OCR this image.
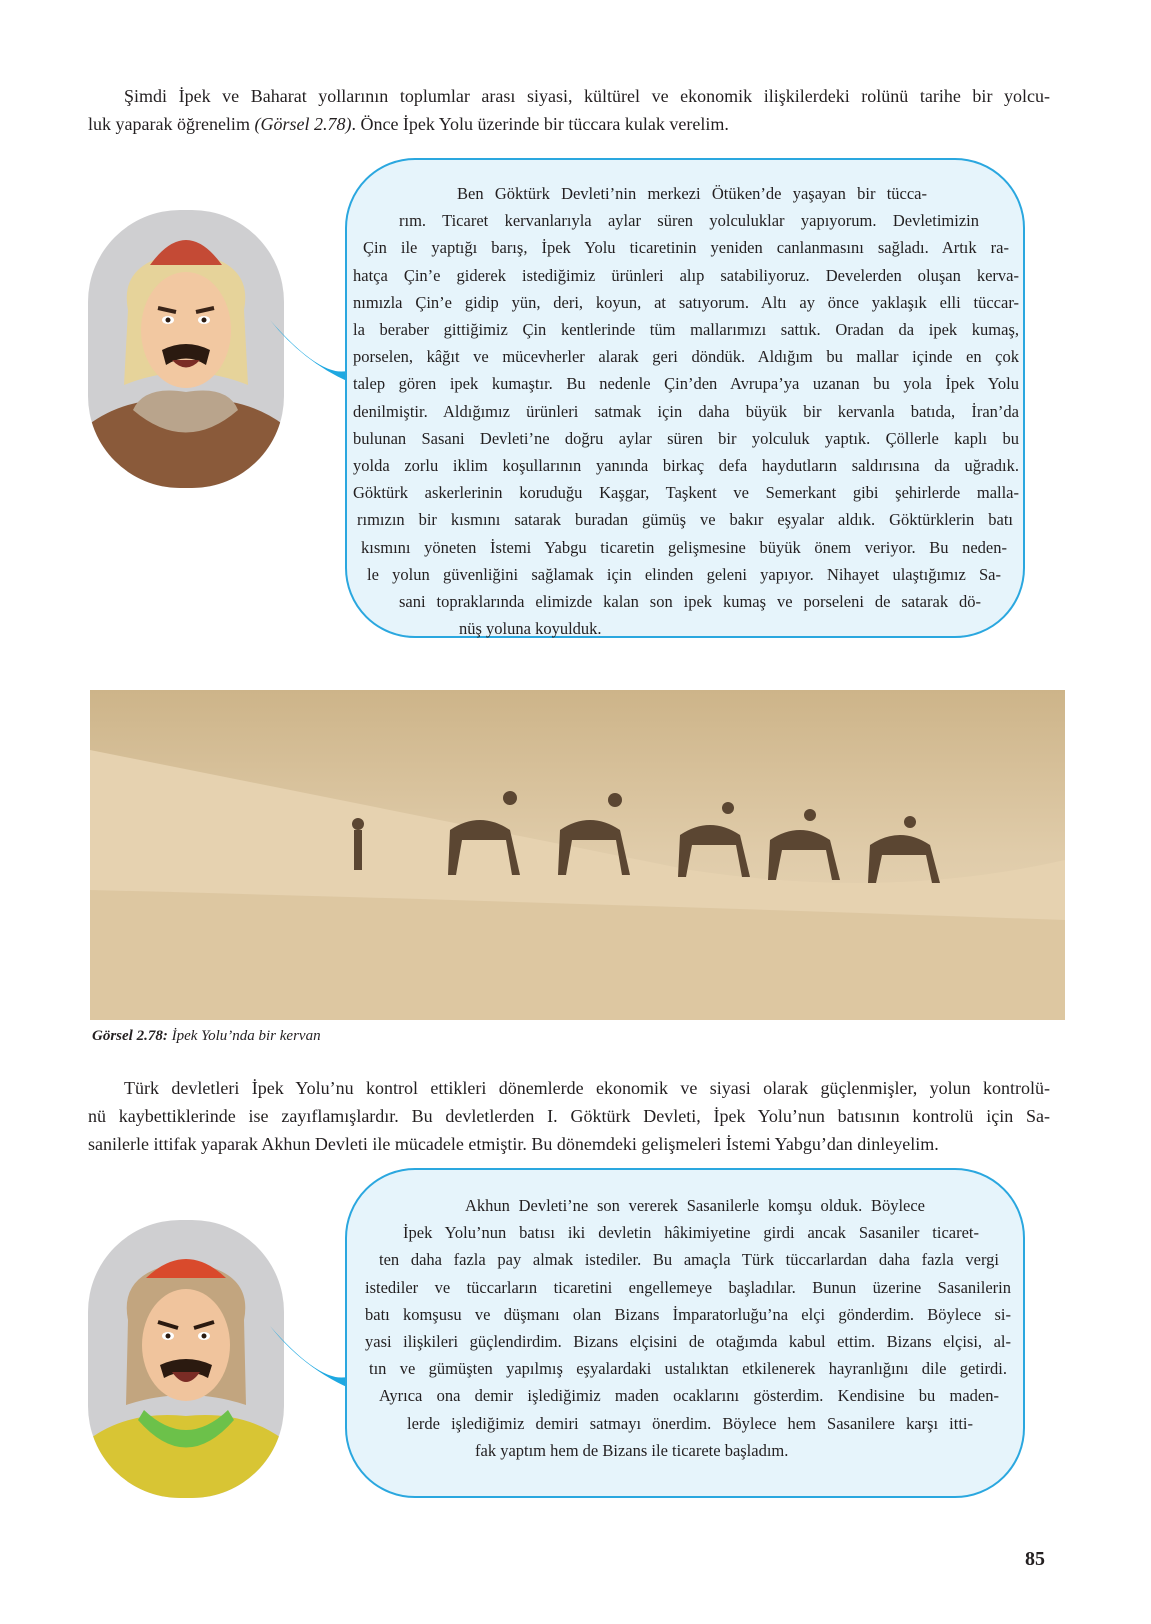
Şimdi İpek ve Baharat yollarının toplumlar arası siyasi, kültürel ve ekonomik ilişkilerdeki rolünü tarihe bir yolcu-
luk yaparak öğrenelim (Görsel 2.78). Önce İpek Yolu üzerinde bir tüccara kulak verelim.

Ben Göktürk Devleti’nin merkezi Ötüken’de yaşayan bir tücca-
rım. Ticaret kervanlarıyla aylar süren yolculuklar yapıyorum. Devletimizin
Çin ile yaptığı barış, İpek Yolu ticaretinin yeniden canlanmasını sağladı. Artık ra-
hatça Çin’e giderek istediğimiz ürünleri alıp satabiliyoruz. Develerden oluşan kerva-
nımızla Çin’e gidip yün, deri, koyun, at satıyorum. Altı ay önce yaklaşık elli tüccar-
la beraber gittiğimiz Çin kentlerinde tüm mallarımızı sattık. Oradan da ipek kumaş,
porselen, kâğıt ve mücevherler alarak geri döndük. Aldığım bu mallar içinde en çok
talep gören ipek kumaştır. Bu nedenle Çin’den Avrupa’ya uzanan bu yola İpek Yolu
denilmiştir. Aldığımız ürünleri satmak için daha büyük bir kervanla batıda, İran’da
bulunan Sasani Devleti’ne doğru aylar süren bir yolculuk yaptık. Çöllerle kaplı bu
yolda zorlu iklim koşullarının yanında birkaç defa haydutların saldırısına da uğradık.
Göktürk askerlerinin koruduğu Kaşgar, Taşkent ve Semerkant gibi şehirlerde malla-
rımızın bir kısmını satarak buradan gümüş ve bakır eşyalar aldık. Göktürklerin batı
kısmını yöneten İstemi Yabgu ticaretin gelişmesine büyük önem veriyor. Bu neden-
le yolun güvenliğini sağlamak için elinden geleni yapıyor. Nihayet ulaştığımız Sa-
sani topraklarında elimizde kalan son ipek kumaş ve porseleni de satarak dö-
nüş yoluna koyulduk.

Görsel 2.78: İpek Yolu’nda bir kervan

Türk devletleri İpek Yolu’nu kontrol ettikleri dönemlerde ekonomik ve siyasi olarak güçlenmişler, yolun kontrolü-
nü kaybettiklerinde ise zayıflamışlardır. Bu devletlerden I. Göktürk Devleti, İpek Yolu’nun batısının kontrolü için Sa-
sanilerle ittifak yaparak Akhun Devleti ile mücadele etmiştir. Bu dönemdeki gelişmeleri İstemi Yabgu’dan dinleyelim.

Akhun Devleti’ne son vererek Sasanilerle komşu olduk. Böylece
İpek Yolu’nun batısı iki devletin hâkimiyetine girdi ancak Sasaniler ticaret-
ten daha fazla pay almak istediler. Bu amaçla Türk tüccarlardan daha fazla vergi
istediler ve tüccarların ticaretini engellemeye başladılar. Bunun üzerine Sasanilerin
batı komşusu ve düşmanı olan Bizans İmparatorluğu’na elçi gönderdim. Böylece si-
yasi ilişkileri güçlendirdim. Bizans elçisini de otağımda kabul ettim. Bizans elçisi, al-
tın ve gümüşten yapılmış eşyalardaki ustalıktan etkilenerek hayranlığını dile getirdi.
Ayrıca ona demir işlediğimiz maden ocaklarını gösterdim. Kendisine bu maden-
lerde işlediğimiz demiri satmayı önerdim. Böylece hem Sasanilere karşı itti-
fak yaptım hem de Bizans ile ticarete başladım.

85
